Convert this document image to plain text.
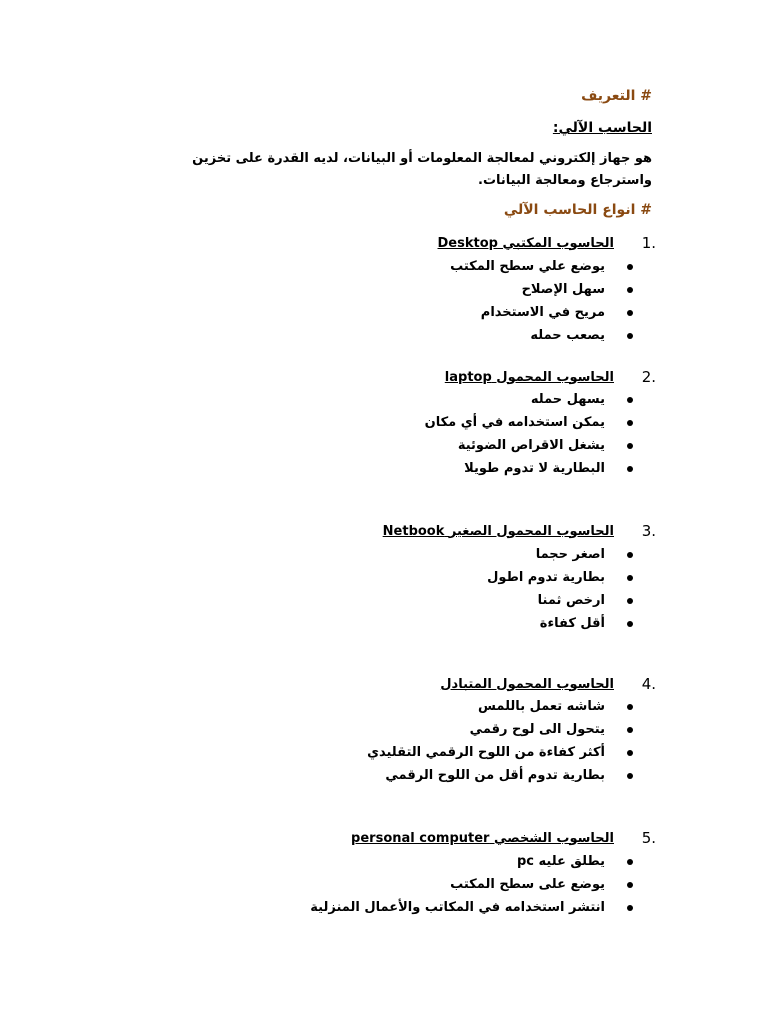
# التعريف
الحاسب الآلي:
هو جهاز إلكتروني لمعالجة المعلومات أو البيانات، لديه القدرة على تخزين واسترجاع ومعالجة البيانات.
# انواع الحاسب الآلي
1.
الحاسوب المكتبي Desktop
يوضع علي سطح المكتب
سهل الإصلاح
مريح في الاستخدام
يصعب حمله
2.
الحاسوب المحمول laptop
يسهل حمله
يمكن استخدامه في أي مكان
يشغل الاقراص الضوئية
البطارية لا تدوم طويلا
3.
الحاسوب المحمول الصغير Netbook
اصغر حجما
بطارية تدوم اطول
ارخص ثمنا
أقل كفاءة
4.
الحاسوب المحمول المتبادل
شاشه تعمل باللمس
يتحول الى لوح رقمي
أكثر كفاءة من اللوح الرقمي التقليدي
بطارية تدوم أقل من اللوح الرقمي
5.
الحاسوب الشخصي personal computer
يطلق عليه pc
يوضع على سطح المكتب
انتشر استخدامه في المكاتب والأعمال المنزلية
